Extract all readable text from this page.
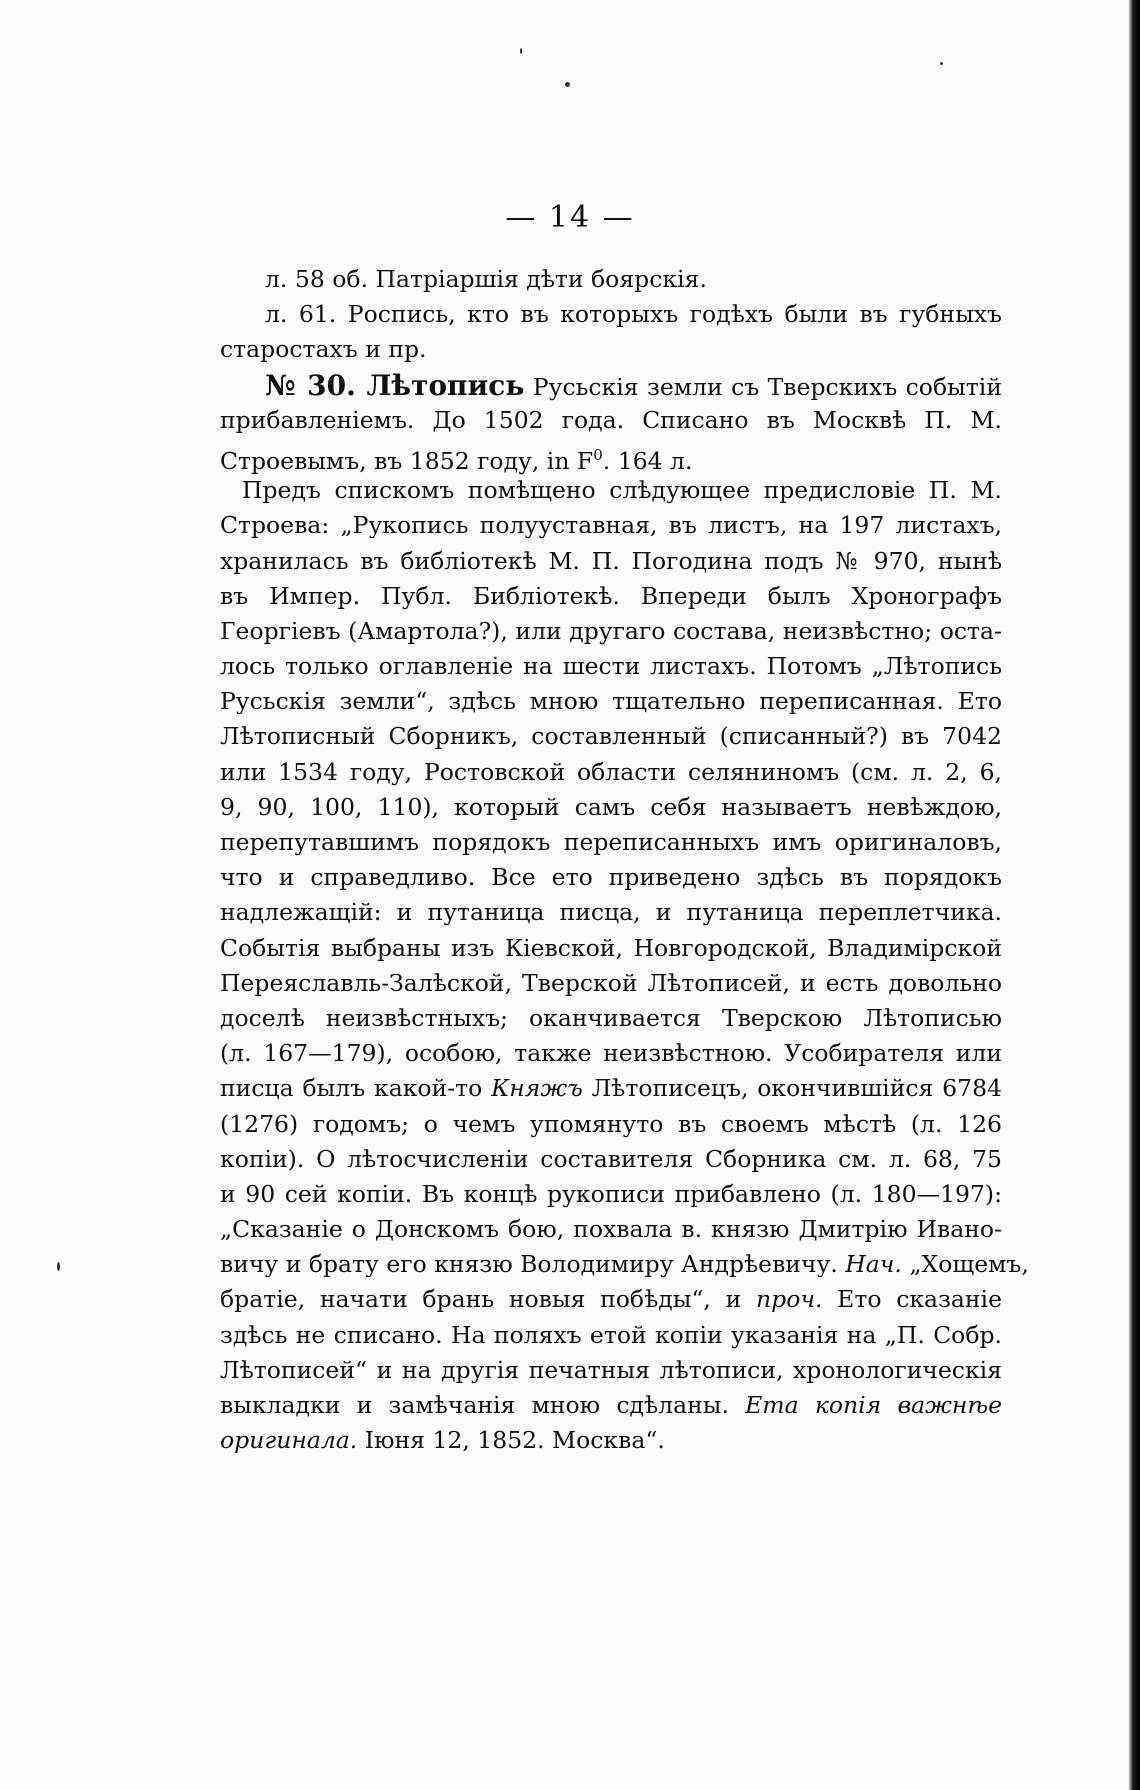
— 14 —
л. 58 об. Патріаршія дѣти боярскія.
л. 61. Роспись, кто въ которыхъ годѣхъ были въ губныхъ
старостахъ и пр.
№ 30. Лѣтопись Русьскія земли съ Тверскихъ событій
прибавленіемъ. До 1502 года. Списано въ Москвѣ П. М.
Строевымъ, въ 1852 году, in $F^0$. 164 л.
Предъ спискомъ помѣщено слѣдующее предисловіе П. М.
Строева: „Рукопись полууставная, въ листъ, на 197 листахъ,
хранилась въ библіотекѣ М. П. Погодина подъ № 970, нынѣ
въ Импер. Публ. Библіотекѣ. Впереди былъ Хронографъ
Георгіевъ (Амартола?), или другаго состава, неизвѣстно; оста-
лось только оглавленіе на шести листахъ. Потомъ „Лѣтопись
Русьскія земли“, здѣсь мною тщательно переписанная. Ето
Лѣтописный Сборникъ, составленный (списанный?) въ 7042
или 1534 году, Ростовской области селяниномъ (см. л. 2, 6,
9, 90, 100, 110), который самъ себя называетъ невѣждою,
перепутавшимъ порядокъ переписанныхъ имъ оригиналовъ,
что и справедливо. Все ето приведено здѣсь въ порядокъ
надлежащій: и путаница писца, и путаница переплетчика.
Событія выбраны изъ Кіевской, Новгородской, Владимірской
Переяславль-Залѣской, Тверской Лѣтописей, и есть довольно
доселѣ неизвѣстныхъ; оканчивается Тверскою Лѣтописью
(л. 167—179), особою, также неизвѣстною. Усобирателя или
писца былъ какой-то Княжъ Лѣтописецъ, окончившійся 6784
(1276) годомъ; о чемъ упомянуто въ своемъ мѣстѣ (л. 126
копіи). О лѣтосчисленіи составителя Сборника см. л. 68, 75
и 90 сей копіи. Въ концѣ рукописи прибавлено (л. 180—197):
„Сказаніе о Донскомъ бою, похвала в. князю Дмитрію Ивано-
вичу и брату его князю Володимиру Андрѣевичу. Нач. „Хощемъ,
братіе, начати брань новыя побѣды“, и проч. Ето сказаніе
здѣсь не списано. На поляхъ етой копіи указанія на „П. Собр.
Лѣтописей“ и на другія печатныя лѣтописи, хронологическія
выкладки и замѣчанія мною сдѣланы. Ета копія важнѣе
оригинала. Іюня 12, 1852. Москва“.
